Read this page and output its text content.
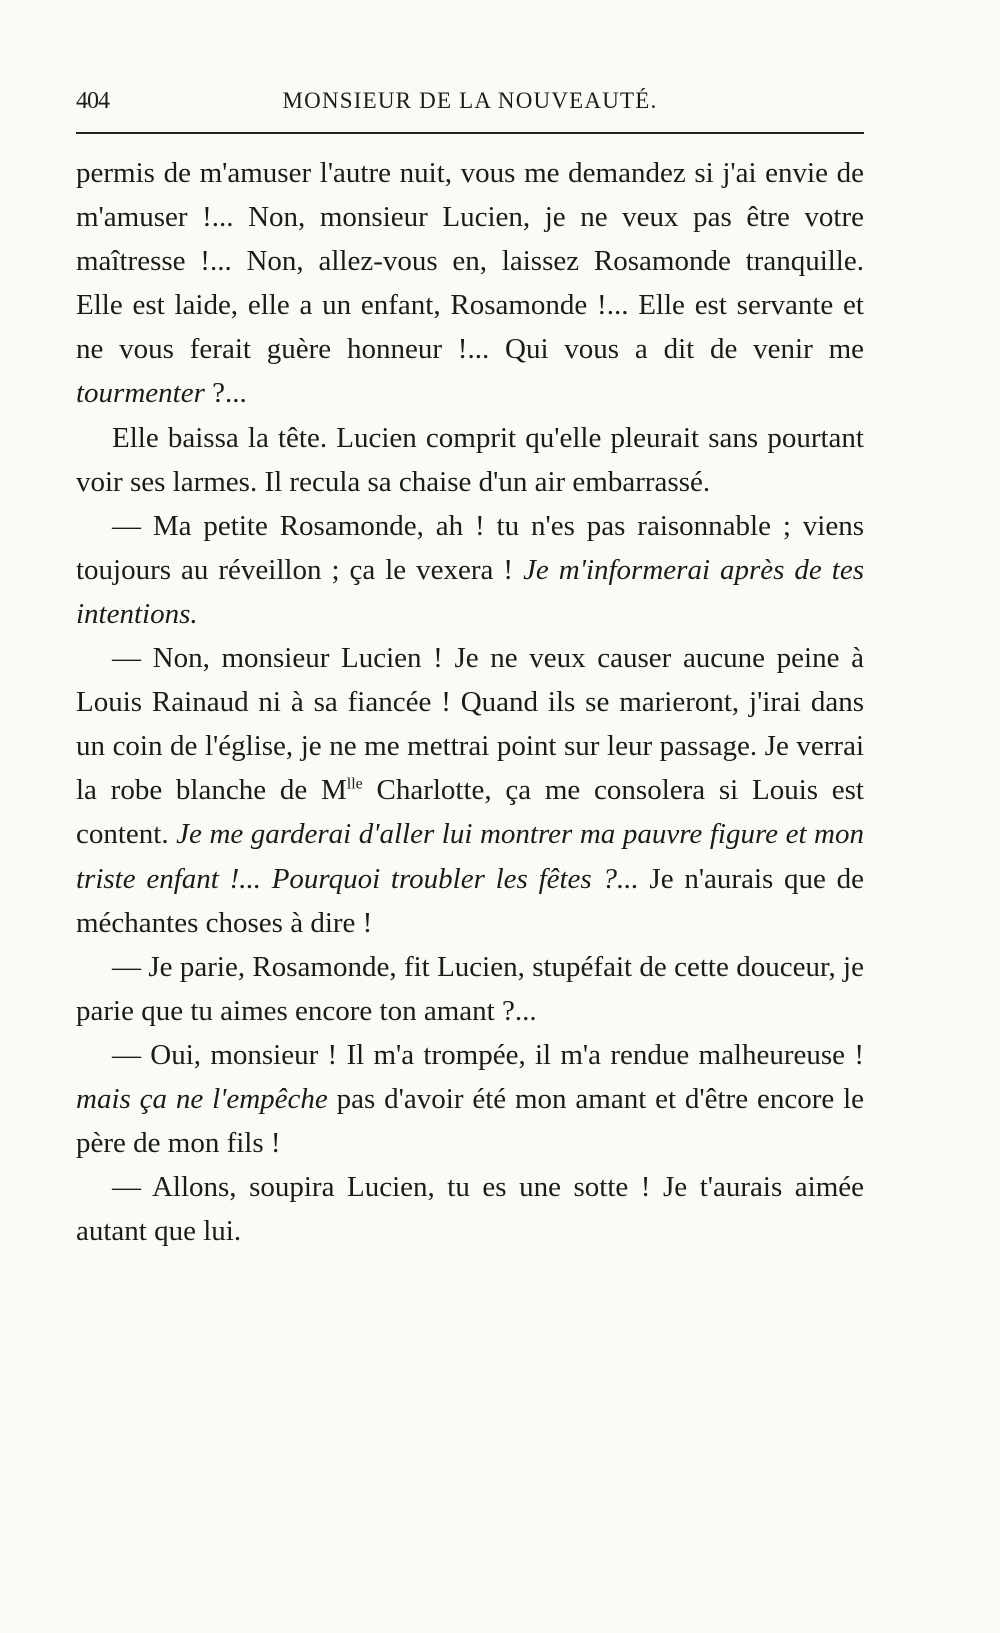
404	MONSIEUR DE LA NOUVEAUTÉ.

permis de m'amuser l'autre nuit, vous me demandez si j'ai envie de m'amuser !... Non, monsieur Lucien, je ne veux pas être votre maîtresse !... Non, allez-vous en, laissez Rosamonde tranquille. Elle est laide, elle a un enfant, Rosamonde !... Elle est servante et ne vous ferait guère honneur !... Qui vous a dit de venir me tourmenter ?...

Elle baissa la tête. Lucien comprit qu'elle pleurait sans pourtant voir ses larmes. Il recula sa chaise d'un air embarrassé.

— Ma petite Rosamonde, ah ! tu n'es pas raisonnable ; viens toujours au réveillon ; ça le vexera ! Je m'informerai après de tes intentions.

— Non, monsieur Lucien ! Je ne veux causer aucune peine à Louis Rainaud ni à sa fiancée ! Quand ils se marieront, j'irai dans un coin de l'église, je ne me mettrai point sur leur passage. Je verrai la robe blanche de $M^{lle}$ Charlotte, ça me consolera si Louis est content. Je me garderai d'aller lui montrer ma pauvre figure et mon triste enfant !... Pourquoi troubler les fêtes ?... Je n'aurais que de méchantes choses à dire !

— Je parie, Rosamonde, fit Lucien, stupéfait de cette douceur, je parie que tu aimes encore ton amant ?...

— Oui, monsieur ! Il m'a trompée, il m'a rendue malheureuse ! mais ça ne l'empêche pas d'avoir été mon amant et d'être encore le père de mon fils !

— Allons, soupira Lucien, tu es une sotte ! Je t'aurais aimée autant que lui.
